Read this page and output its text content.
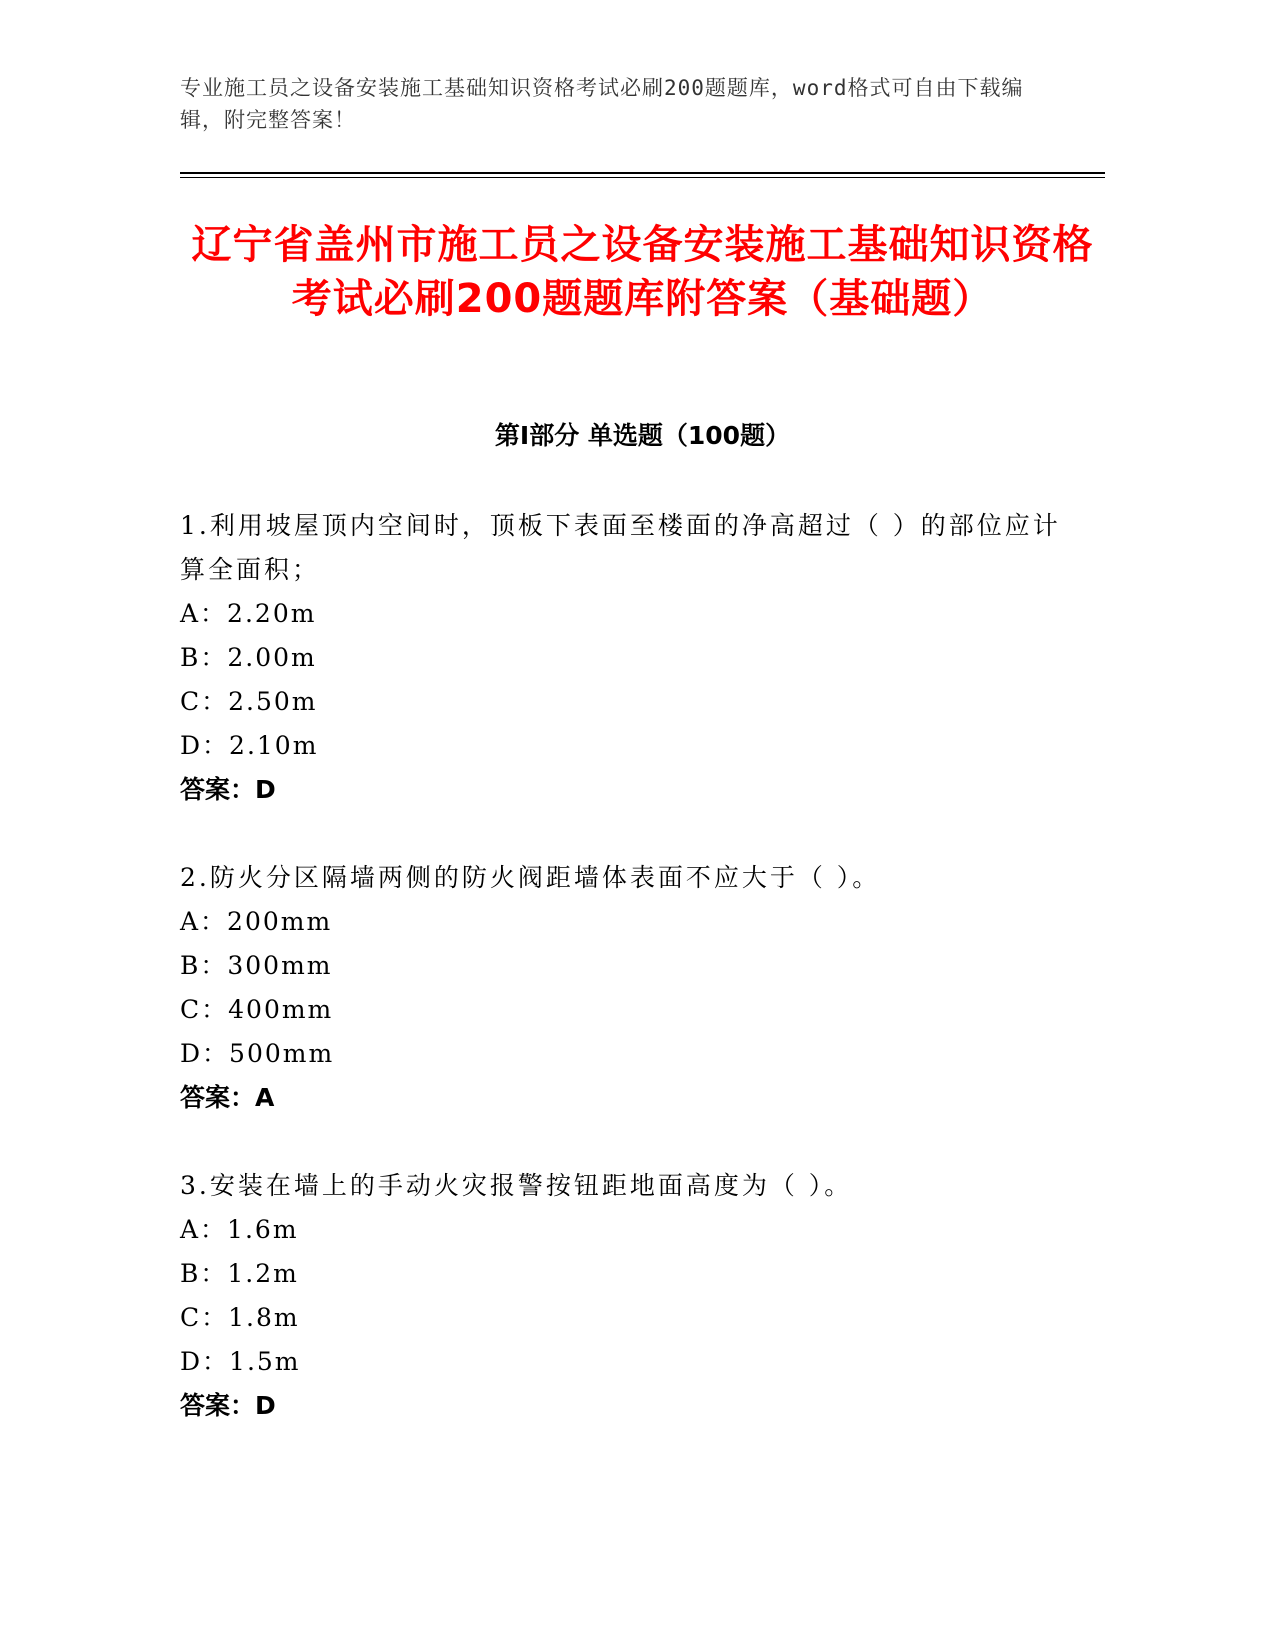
专业施工员之设备安装施工基础知识资格考试必刷200题题库，word格式可自由下载编辑，附完整答案！
辽宁省盖州市施工员之设备安装施工基础知识资格考试必刷200题题库附答案（基础题）
第I部分 单选题（100题）

1.利用坡屋顶内空间时，顶板下表面至楼面的净高超过（ ）的部位应计算全面积；

A：2.20m

B：2.00m

C：2.50m

D：2.10m

答案：D

2.防火分区隔墙两侧的防火阀距墙体表面不应大于（ ）。

A：200mm

B：300mm

C：400mm

D：500mm

答案：A

3.安装在墙上的手动火灾报警按钮距地面高度为（ ）。

A：1.6m

B：1.2m

C：1.8m

D：1.5m

答案：D
